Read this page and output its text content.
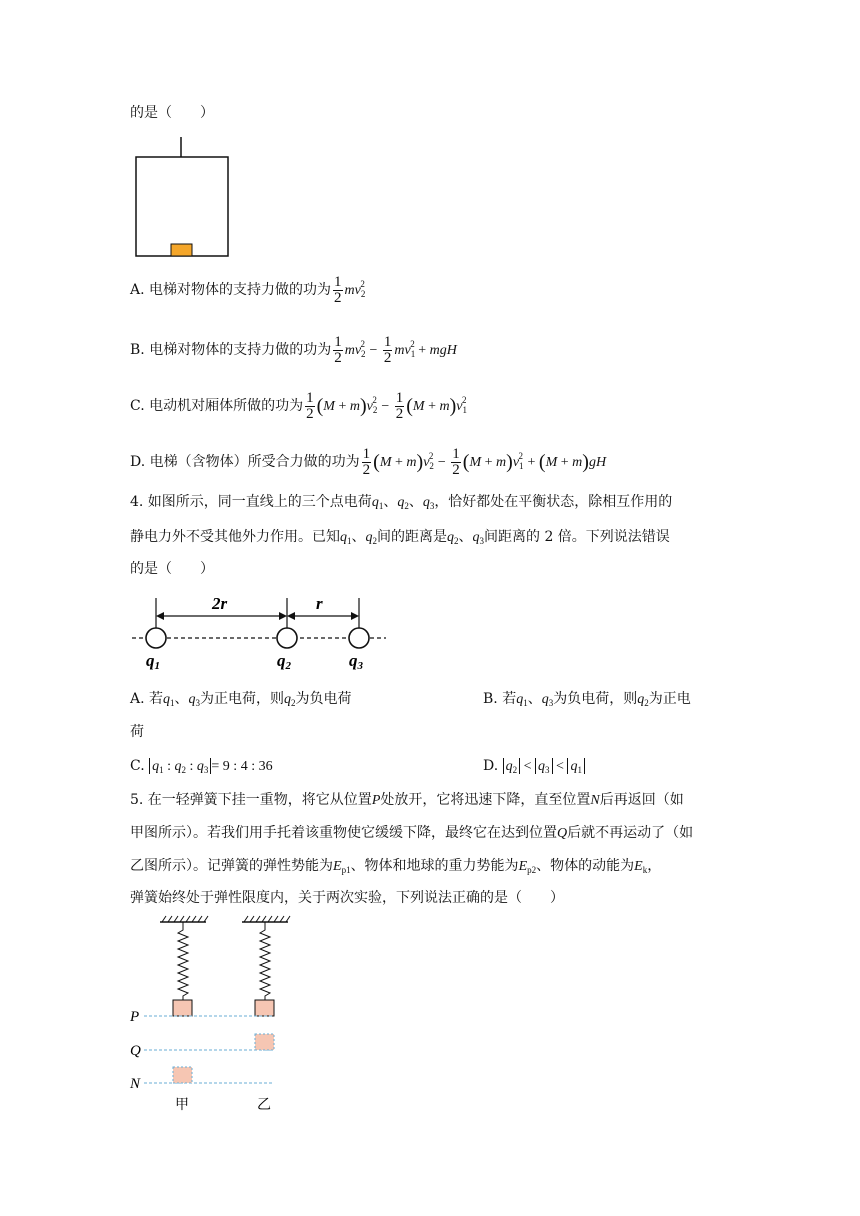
的是（　　）
A. 电梯对物体的支持力做的功为 $\frac{1}{2} mv_2^2$
B. 电梯对物体的支持力做的功为 $\frac{1}{2} mv_2^2 - \frac{1}{2} mv_1^2$ + mgH
C. 电动机对厢体所做的功为 $\frac{1}{2} (M + m)v_2^2 - \frac{1}{2} (M + m)v_1^2$
D. 电梯（含物体）所受合力做的功为 $\frac{1}{2} (M + m)v_2^2 - \frac{1}{2} (M + m)v_1^2 + (M + m)gH$
4. 如图所示，同一直线上的三个点电荷$q_1$、$q_2$、$q_3$，恰好都处在平衡状态，除相互作用的
静电力外不受其他外力作用。已知$q_1$、$q_2$间的距离是$q_2$、$q_3$间距离的 2 倍。下列说法错误
的是（　　）
2r	r
q1	q2	q3
A. 若$q_1$、$q_3$为正电荷，则$q_2$为负电荷	B. 若$q_1$、$q_3$为负电荷，则$q_2$为正电
荷
C. $q_1$ : $q_2$ : $q_3 = 9$ : 4 : 36	D. $q_2 < q_3 < q_1$
5. 在一轻弹簧下挂一重物，将它从位置P处放开，它将迅速下降，直至位置N后再返回（如
甲图所示）。若我们用手托着该重物使它缓缓下降，最终它在达到位置Q后就不再运动了（如
乙图所示）。记弹簧的弹性势能为$E_{p1}$、物体和地球的重力势能为$E_{p2}$、物体的动能为$E_k$，
弹簧始终处于弹性限度内，关于两次实验，下列说法正确的是（　　）
P
Q
N
甲	乙
